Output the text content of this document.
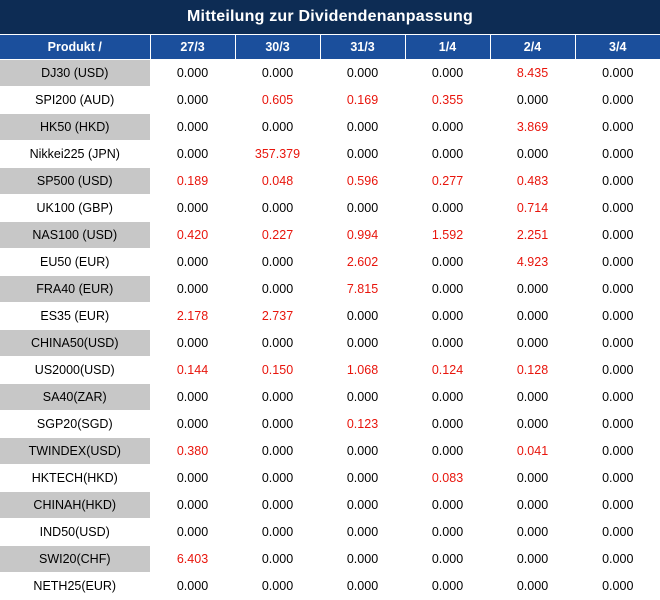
Mitteilung zur Dividendenanpassung
Produkt /	27/3	30/3	31/3	1/4	2/4	3/4
DJ30 (USD)	0.000	0.000	0.000	0.000	8.435	0.000
SPI200 (AUD)	0.000	0.605	0.169	0.355	0.000	0.000
HK50 (HKD)	0.000	0.000	0.000	0.000	3.869	0.000
Nikkei225 (JPN)	0.000	357.379	0.000	0.000	0.000	0.000
SP500 (USD)	0.189	0.048	0.596	0.277	0.483	0.000
UK100 (GBP)	0.000	0.000	0.000	0.000	0.714	0.000
NAS100 (USD)	0.420	0.227	0.994	1.592	2.251	0.000
EU50 (EUR)	0.000	0.000	2.602	0.000	4.923	0.000
FRA40 (EUR)	0.000	0.000	7.815	0.000	0.000	0.000
ES35 (EUR)	2.178	2.737	0.000	0.000	0.000	0.000
CHINA50(USD)	0.000	0.000	0.000	0.000	0.000	0.000
US2000(USD)	0.144	0.150	1.068	0.124	0.128	0.000
SA40(ZAR)	0.000	0.000	0.000	0.000	0.000	0.000
SGP20(SGD)	0.000	0.000	0.123	0.000	0.000	0.000
TWINDEX(USD)	0.380	0.000	0.000	0.000	0.041	0.000
HKTECH(HKD)	0.000	0.000	0.000	0.083	0.000	0.000
CHINAH(HKD)	0.000	0.000	0.000	0.000	0.000	0.000
IND50(USD)	0.000	0.000	0.000	0.000	0.000	0.000
SWI20(CHF)	6.403	0.000	0.000	0.000	0.000	0.000
NETH25(EUR)	0.000	0.000	0.000	0.000	0.000	0.000
